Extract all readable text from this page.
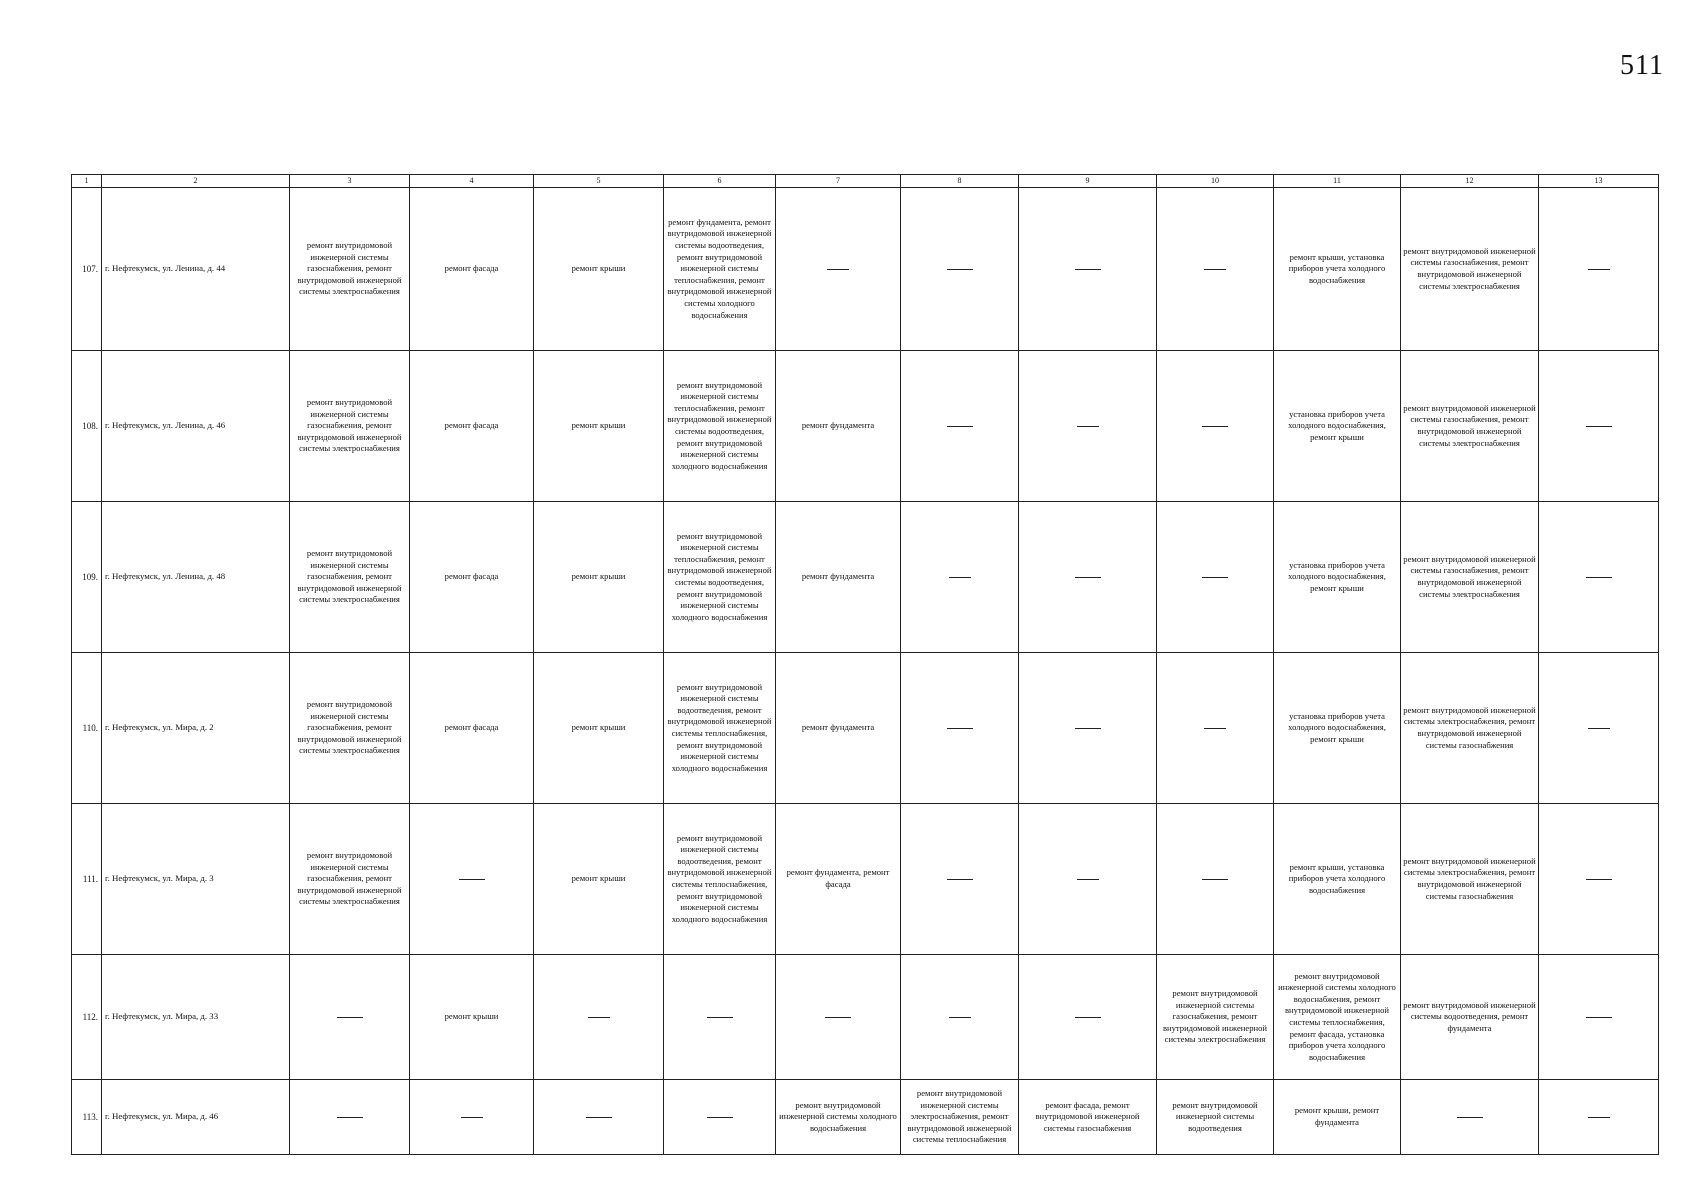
511
1	2	3	4	5	6	7	8	9	10	11	12	13
107.	г. Нефтекумск, ул. Ленина, д. 44	ремонт внутридомовой инженерной системы газоснабжения, ремонт внутридомовой инженерной системы электроснабжения	ремонт фасада	ремонт крыши	ремонт фундамента, ремонт внутридомовой инженерной системы водоотведения, ремонт внутридомовой инженерной системы теплоснабжения, ремонт внутридомовой инженерной системы холодного водоснабжения					ремонт крыши, установка приборов учета холодного водоснабжения	ремонт внутридомовой инженерной системы газоснабжения, ремонт внутридомовой инженерной системы электроснабжения	
108.	г. Нефтекумск, ул. Ленина, д. 46	ремонт внутридомовой инженерной системы газоснабжения, ремонт внутридомовой инженерной системы электроснабжения	ремонт фасада	ремонт крыши	ремонт внутридомовой инженерной системы теплоснабжения, ремонт внутридомовой инженерной системы водоотведения, ремонт внутридомовой инженерной системы холодного водоснабжения	ремонт фундамента				установка приборов учета холодного водоснабжения, ремонт крыши	ремонт внутридомовой инженерной системы газоснабжения, ремонт внутридомовой инженерной системы электроснабжения	
109.	г. Нефтекумск, ул. Ленина, д. 48	ремонт внутридомовой инженерной системы газоснабжения, ремонт внутридомовой инженерной системы электроснабжения	ремонт фасада	ремонт крыши	ремонт внутридомовой инженерной системы теплоснабжения, ремонт внутридомовой инженерной системы водоотведения, ремонт внутридомовой инженерной системы холодного водоснабжения	ремонт фундамента				установка приборов учета холодного водоснабжения, ремонт крыши	ремонт внутридомовой инженерной системы газоснабжения, ремонт внутридомовой инженерной системы электроснабжения	
110.	г. Нефтекумск, ул. Мира, д. 2	ремонт внутридомовой инженерной системы газоснабжения, ремонт внутридомовой инженерной системы электроснабжения	ремонт фасада	ремонт крыши	ремонт внутридомовой инженерной системы водоотведения, ремонт внутридомовой инженерной системы теплоснабжения, ремонт внутридомовой инженерной системы холодного водоснабжения	ремонт фундамента				установка приборов учета холодного водоснабжения, ремонт крыши	ремонт внутридомовой инженерной системы электроснабжения, ремонт внутридомовой инженерной системы газоснабжения	
111.	г. Нефтекумск, ул. Мира, д. 3	ремонт внутридомовой инженерной системы газоснабжения, ремонт внутридомовой инженерной системы электроснабжения		ремонт крыши	ремонт внутридомовой инженерной системы водоотведения, ремонт внутридомовой инженерной системы теплоснабжения, ремонт внутридомовой инженерной системы холодного водоснабжения	ремонт фундамента, ремонт фасада				ремонт крыши, установка приборов учета холодного водоснабжения	ремонт внутридомовой инженерной системы электроснабжения, ремонт внутридомовой инженерной системы газоснабжения	
112.	г. Нефтекумск, ул. Мира, д. 33		ремонт крыши						ремонт внутридомовой инженерной системы газоснабжения, ремонт внутридомовой инженерной системы электроснабжения	ремонт внутридомовой инженерной системы холодного водоснабжения, ремонт внутридомовой инженерной системы теплоснабжения, ремонт фасада, установка приборов учета холодного водоснабжения	ремонт внутридомовой инженерной системы водоотведения, ремонт фундамента	
113.	г. Нефтекумск, ул. Мира, д. 46					ремонт внутридомовой инженерной системы холодного водоснабжения	ремонт внутридомовой инженерной системы электроснабжения, ремонт внутридомовой инженерной системы теплоснабжения	ремонт фасада, ремонт внутридомовой инженерной системы газоснабжения	ремонт внутридомовой инженерной системы водоотведения	ремонт крыши, ремонт фундамента		
